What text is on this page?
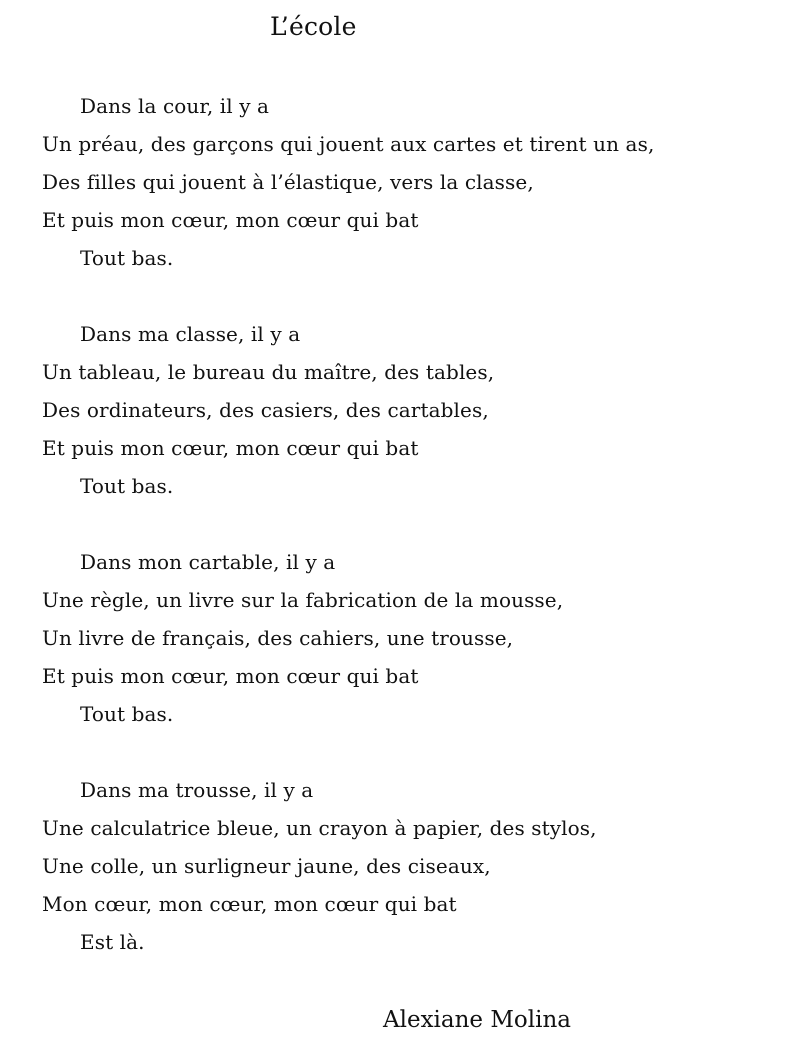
L’école
Dans la cour, il y a
Un préau, des garçons qui jouent aux cartes et tirent un as,
Des filles qui jouent à l’élastique, vers la classe,
Et puis mon cœur, mon cœur qui bat
Tout bas.
Dans ma classe, il y a
Un tableau, le bureau du maître, des tables,
Des ordinateurs, des casiers, des cartables,
Et puis mon cœur, mon cœur qui bat
Tout bas.
Dans mon cartable, il y a
Une règle, un livre sur la fabrication de la mousse,
Un livre de français, des cahiers, une trousse,
Et puis mon cœur, mon cœur qui bat
Tout bas.
Dans ma trousse, il y a
Une calculatrice bleue, un crayon à papier, des stylos,
Une colle, un surligneur jaune, des ciseaux,
Mon cœur, mon cœur, mon cœur qui bat
Est là.
Alexiane Molina
